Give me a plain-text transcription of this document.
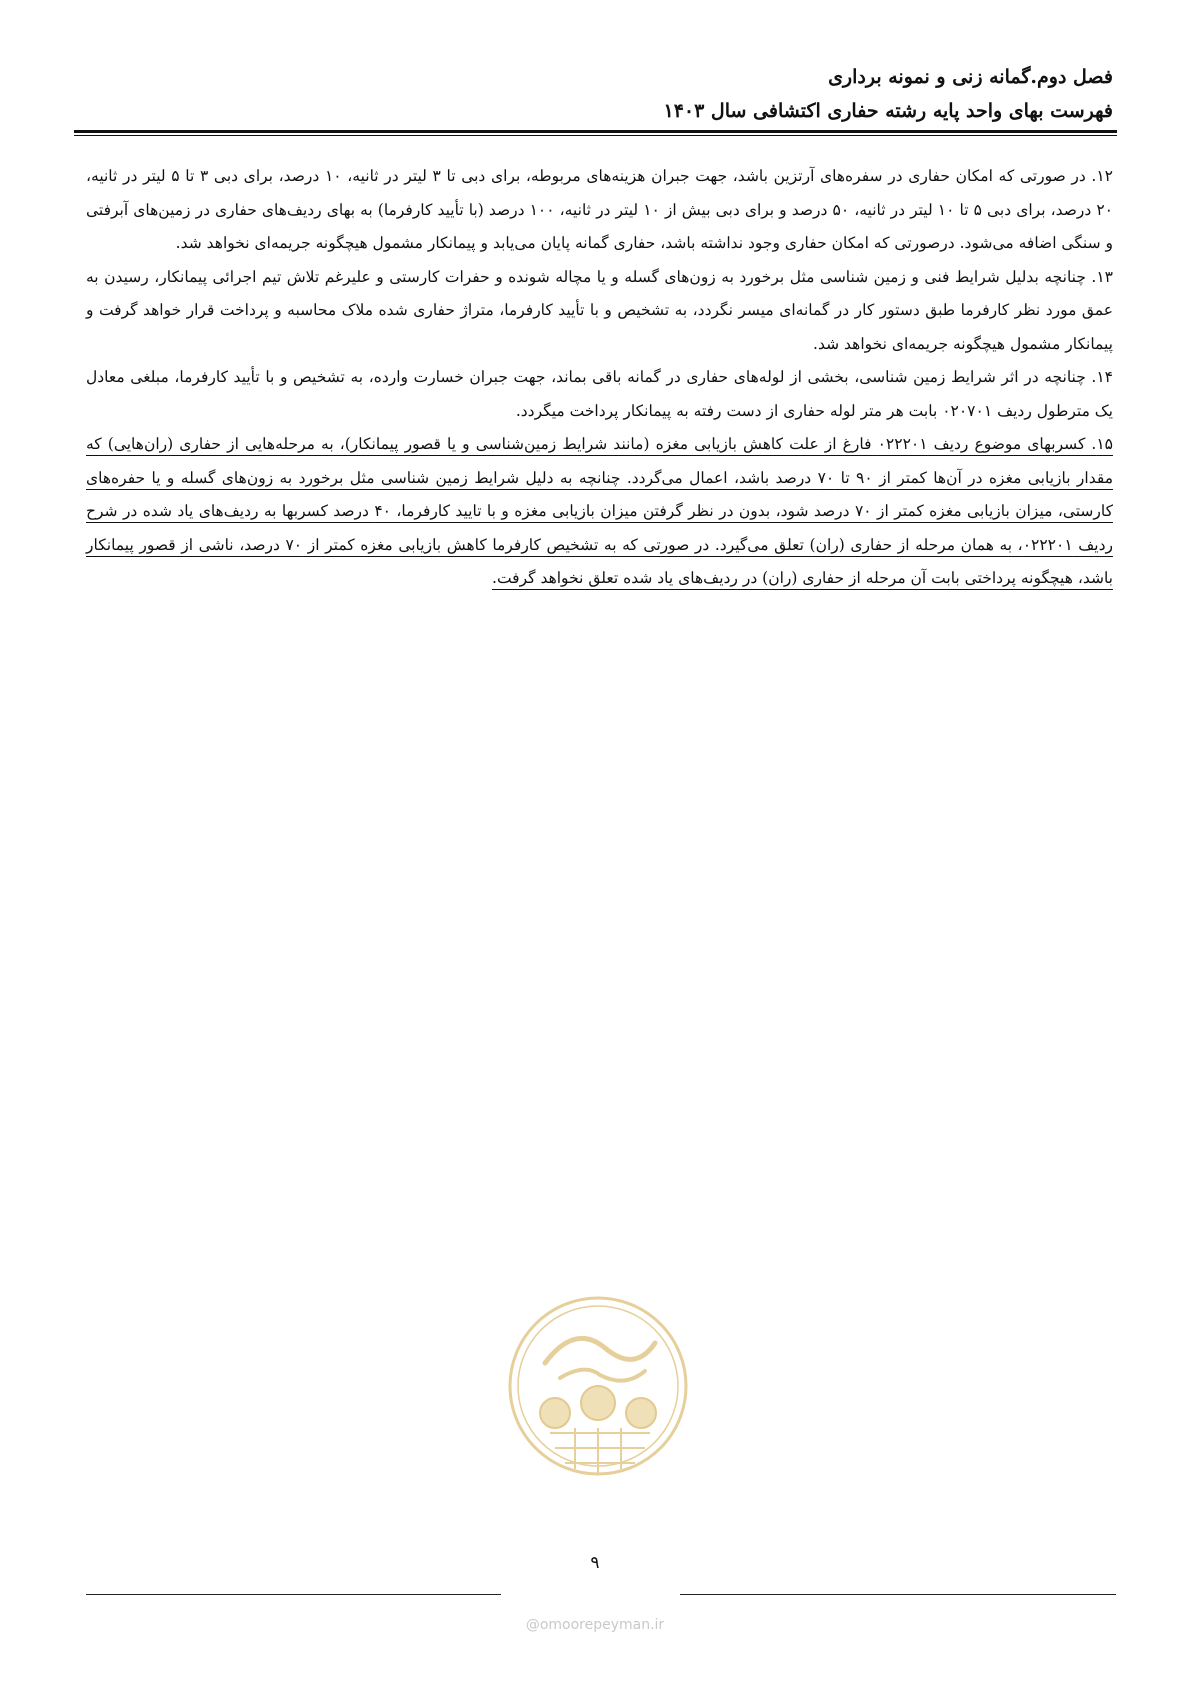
فصل دوم.گمانه زنی و نمونه برداری
فهرست بهای واحد پایه رشته حفاری اکتشافی سال ۱۴۰۳

۱۲. در صورتی که امکان حفاری در سفره‌های آرتزین باشد، جهت جبران هزینه‌های مربوطه، برای دبی تا ۳ لیتر در ثانیه، ۱۰ درصد، برای دبی ۳ تا ۵ لیتر در ثانیه، ۲۰ درصد، برای دبی ۵ تا ۱۰ لیتر در ثانیه، ۵۰ درصد و برای دبی بیش از ۱۰ لیتر در ثانیه، ۱۰۰ درصد (با تأیید کارفرما) به بهای ردیف‌های حفاری در زمین‌های آبرفتی و سنگی اضافه می‌شود. درصورتی که امکان حفاری وجود نداشته باشد، حفاری گمانه پایان می‌یابد و پیمانکار مشمول هیچگونه جریمه‌ای نخواهد شد.

۱۳. چنانچه بدلیل شرایط فنی و زمین شناسی مثل برخورد به زون‌های گسله و یا مچاله شونده و حفرات کارستی و علیرغم تلاش تیم اجرائی پیمانکار، رسیدن به عمق مورد نظر کارفرما طبق دستور کار در گمانه‌ای میسر نگردد، به تشخیص و با تأیید کارفرما، متراژ حفاری شده ملاک محاسبه و پرداخت قرار خواهد گرفت و پیمانکار مشمول هیچگونه جریمه‌ای نخواهد شد.

۱۴. چنانچه در اثر شرایط زمین شناسی، بخشی از لوله‌های حفاری در گمانه باقی بماند، جهت جبران خسارت وارده، به تشخیص و با تأیید کارفرما، مبلغی معادل یک مترطول ردیف ۰۲۰۷۰۱ بابت هر متر لوله حفاری از دست رفته به پیمانکار پرداخت میگردد.

۱۵. کسربهای موضوع ردیف ۰۲۲۲۰۱ فارغ از علت کاهش بازیابی مغزه (مانند شرایط زمین‌شناسی و یا قصور پیمانکار)، به مرحله‌هایی از حفاری (ران‌هایی) که مقدار بازیابی مغزه در آن‌ها کمتر از ۹۰ تا ۷۰ درصد باشد، اعمال می‌گردد. چنانچه به دلیل شرایط زمین شناسی مثل برخورد به زون‌های گسله و یا حفره‌های کارستی، میزان بازیابی مغزه کمتر از ۷۰ درصد شود، بدون در نظر گرفتن میزان بازیابی مغزه و با تایید کارفرما، ۴۰ درصد کسربها به ردیف‌های یاد شده در شرح ردیف ۰۲۲۲۰۱، به همان مرحله از حفاری (ران) تعلق می‌گیرد. در صورتی که به تشخیص کارفرما کاهش بازیابی مغزه کمتر از ۷۰ درصد، ناشی از قصور پیمانکار باشد، هیچگونه پرداختی بابت آن مرحله از حفاری (ران) در ردیف‌های یاد شده تعلق نخواهد گرفت.

۹
@omoorepeyman.ir
